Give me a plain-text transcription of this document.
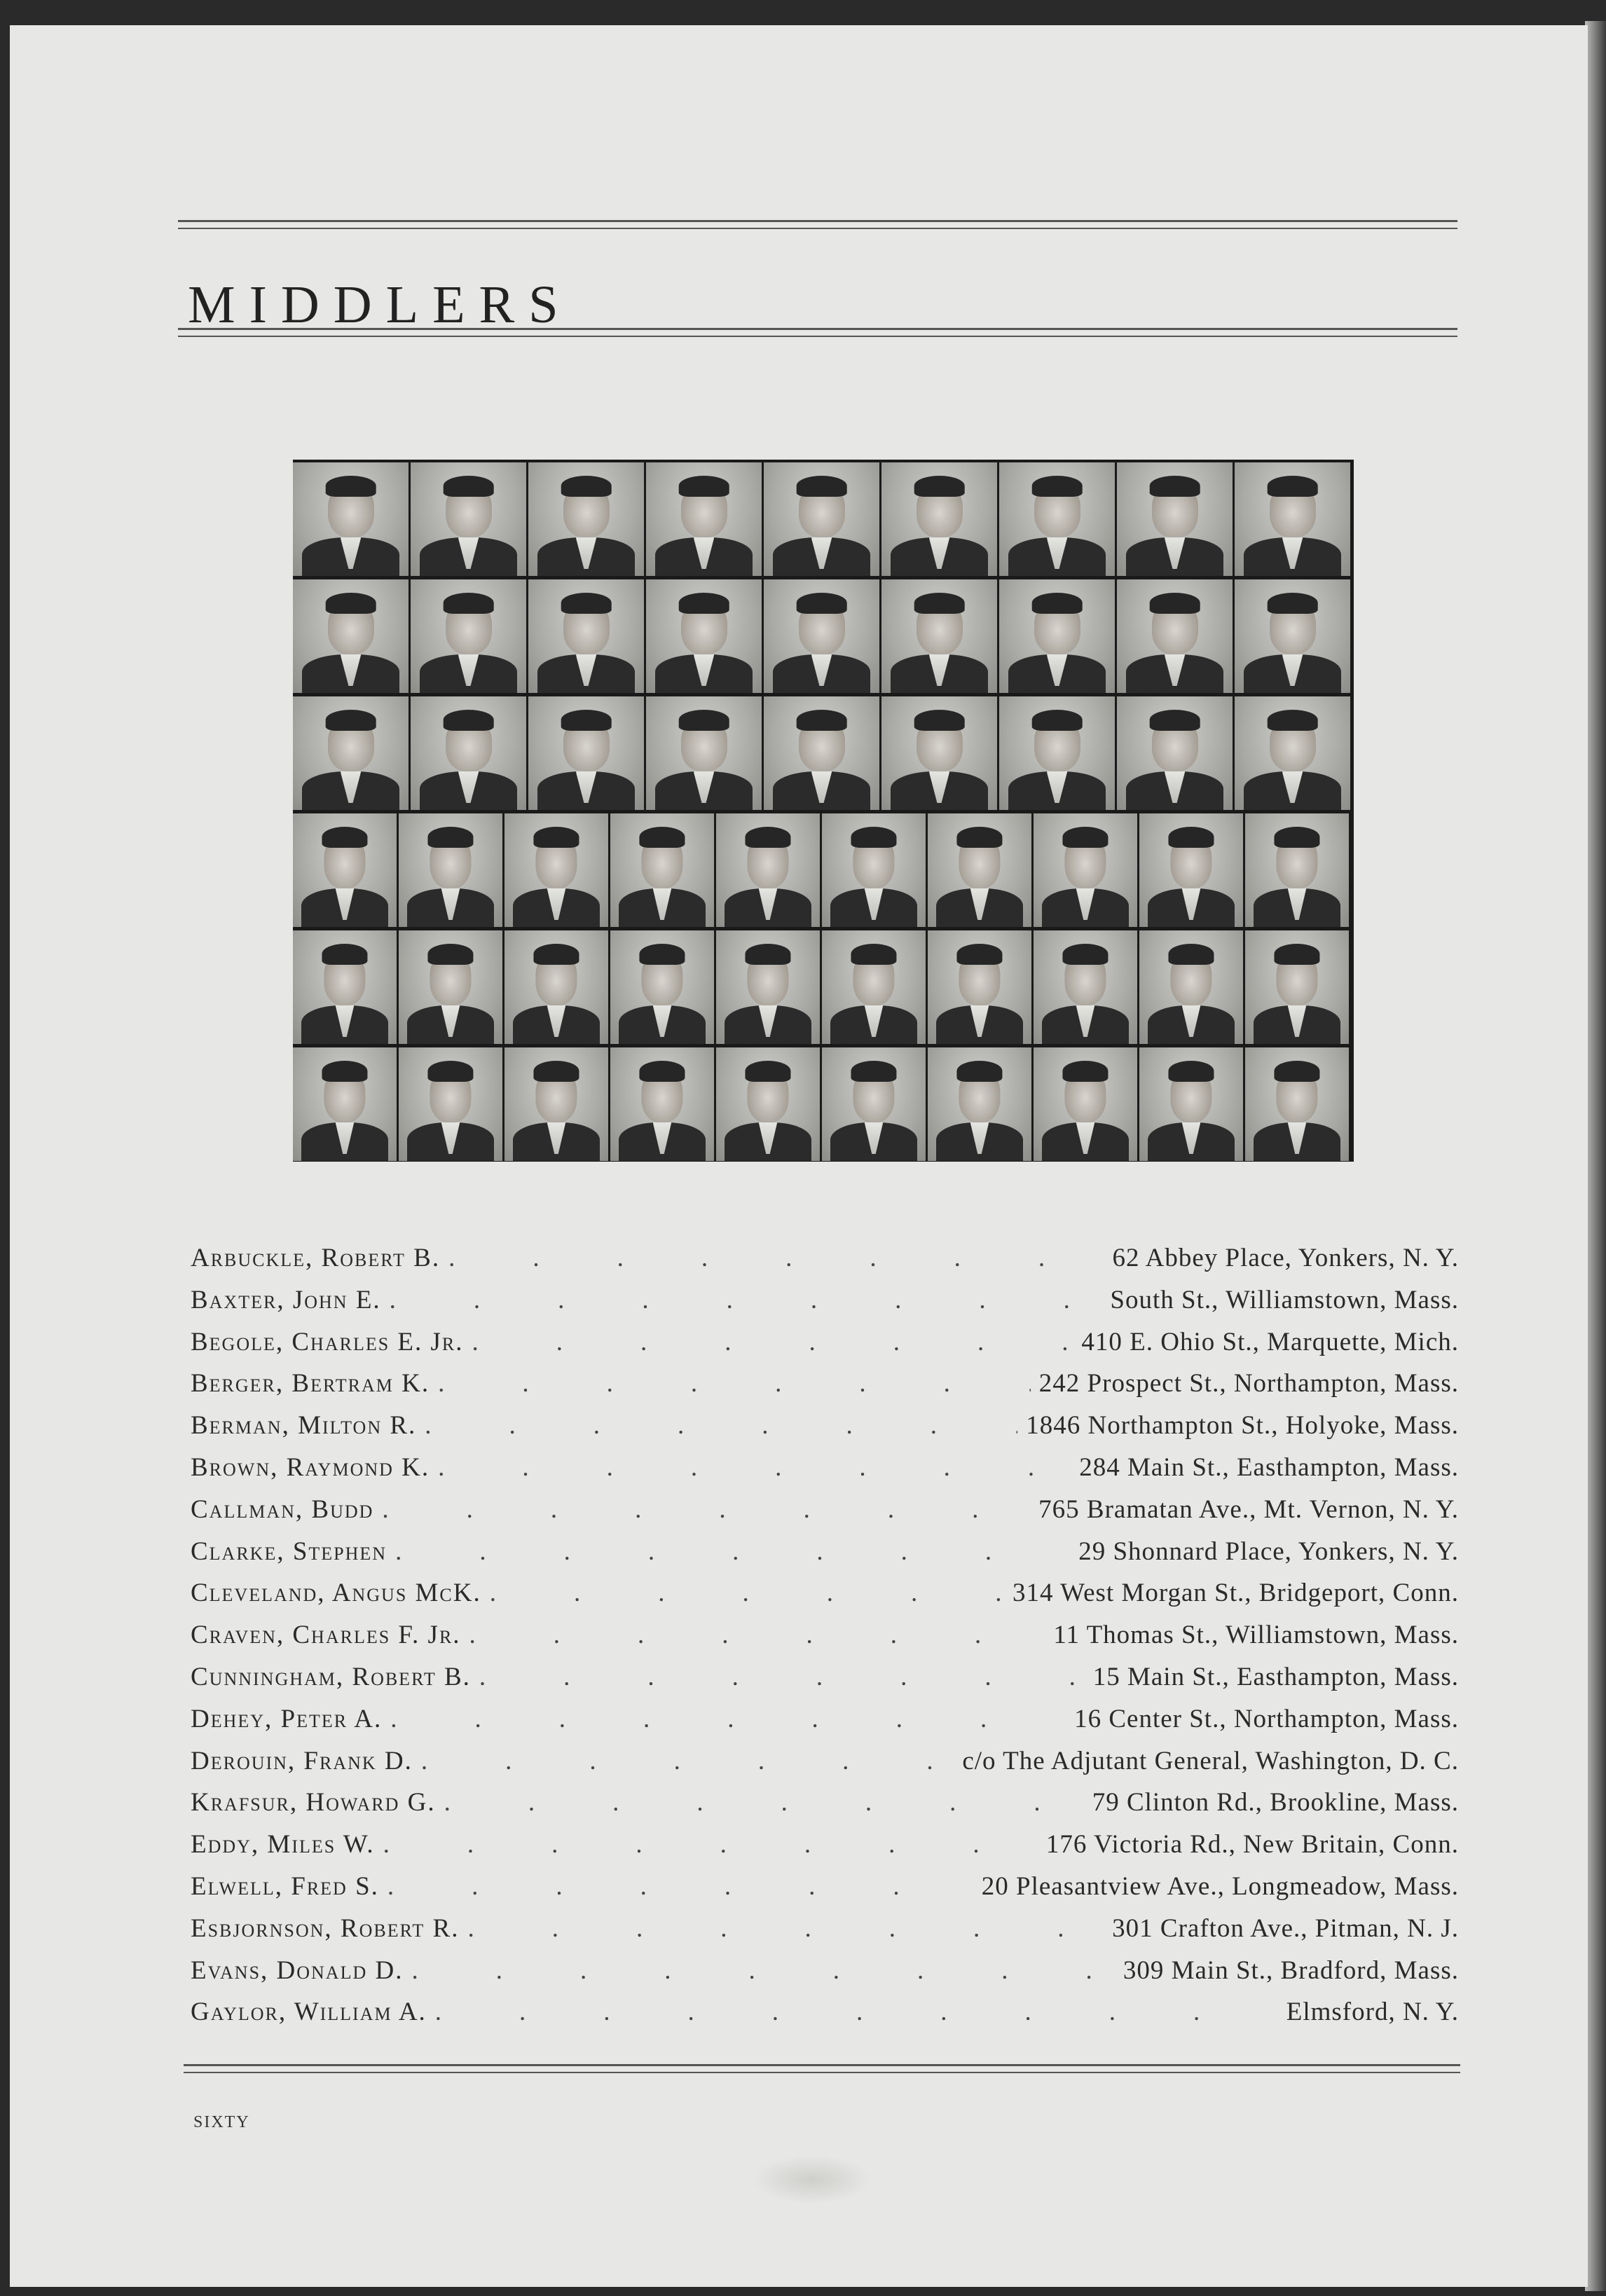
MIDDLERS
Arbuckle, Robert B. .	62 Abbey Place, Yonkers, N. Y.
Baxter, John E. .	South St., Williamstown, Mass.
Begole, Charles E. Jr. .	410 E. Ohio St., Marquette, Mich.
Berger, Bertram K. .	242 Prospect St., Northampton, Mass.
Berman, Milton R. .	1846 Northampton St., Holyoke, Mass.
Brown, Raymond K. .	284 Main St., Easthampton, Mass.
Callman, Budd .	765 Bramatan Ave., Mt. Vernon, N. Y.
Clarke, Stephen .	29 Shonnard Place, Yonkers, N. Y.
Cleveland, Angus McK. .	314 West Morgan St., Bridgeport, Conn.
Craven, Charles F. Jr. .	11 Thomas St., Williamstown, Mass.
Cunningham, Robert B. .	15 Main St., Easthampton, Mass.
Dehey, Peter A. .	16 Center St., Northampton, Mass.
Derouin, Frank D. .	c/o The Adjutant General, Washington, D. C.
Krafsur, Howard G. .	79 Clinton Rd., Brookline, Mass.
Eddy, Miles W. .	176 Victoria Rd., New Britain, Conn.
Elwell, Fred S. .	20 Pleasantview Ave., Longmeadow, Mass.
Esbjornson, Robert R. .	301 Crafton Ave., Pitman, N. J.
Evans, Donald D. .	309 Main St., Bradford, Mass.
Gaylor, William A. .	Elmsford, N. Y.
SIXTY
